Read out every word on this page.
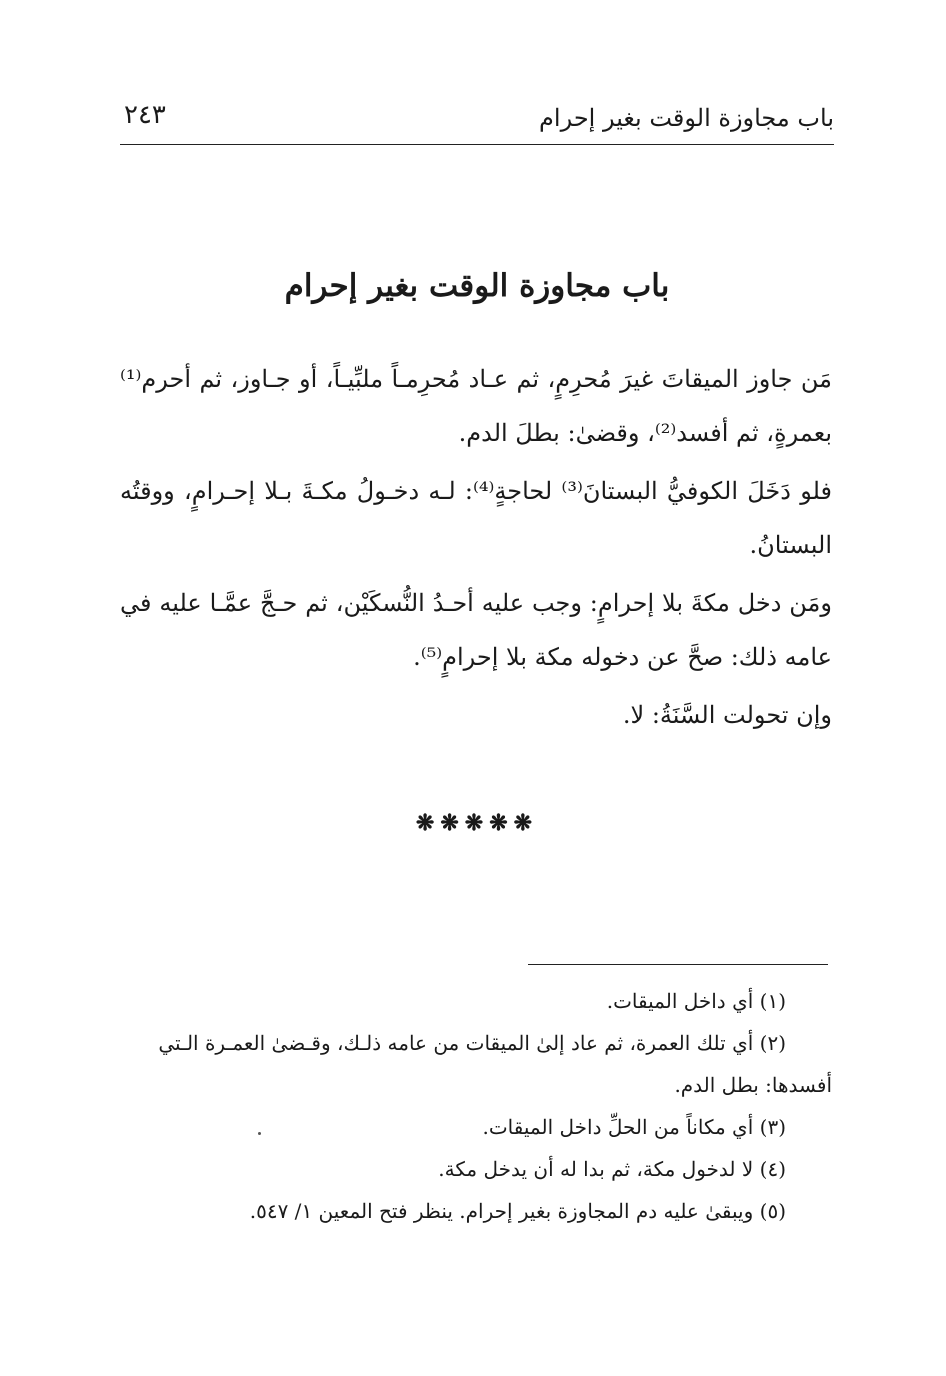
باب مجاوزة الوقت بغير إحرام
٢٤٣
باب مجاوزة الوقت بغير إحرام

مَن جاوز الميقاتَ غيرَ مُحرِمٍ، ثم عـاد مُحرِمـاً ملبِّيـاً، أو جـاوز، ثم أحرم⁽¹⁾ بعمرةٍ، ثم أفسد⁽²⁾، وقضىٰ: بطلَ الدم.

فلو دَخَلَ الكوفيُّ البستانَ⁽³⁾ لحاجةٍ⁽⁴⁾: لـه دخـولُ مكـةَ بـلا إحـرامٍ، ووقتُه البستانُ.

ومَن دخل مكةَ بلا إحرامٍ: وجب عليه أحـدُ النُّسكَيْن، ثم حـجَّ عمَّـا عليه في عامه ذلك: صحَّ عن دخوله مكة بلا إحرامٍ⁽⁵⁾.

وإن تحولت السَّنَةُ: لا.

❋❋❋❋❋

(١) أي داخل الميقات.

(٢) أي تلك العمرة، ثم عاد إلىٰ الميقات من عامه ذلـك، وقـضىٰ العمـرة الـتي

أفسدها: بطل الدم.

(٣) أي مكاناً من الحلِّ داخل الميقات.

(٤) لا لدخول مكة، ثم بدا له أن يدخل مكة.

(٥) ويبقىٰ عليه دم المجاوزة بغير إحرام. ينظر فتح المعين ١/ ٥٤٧.
